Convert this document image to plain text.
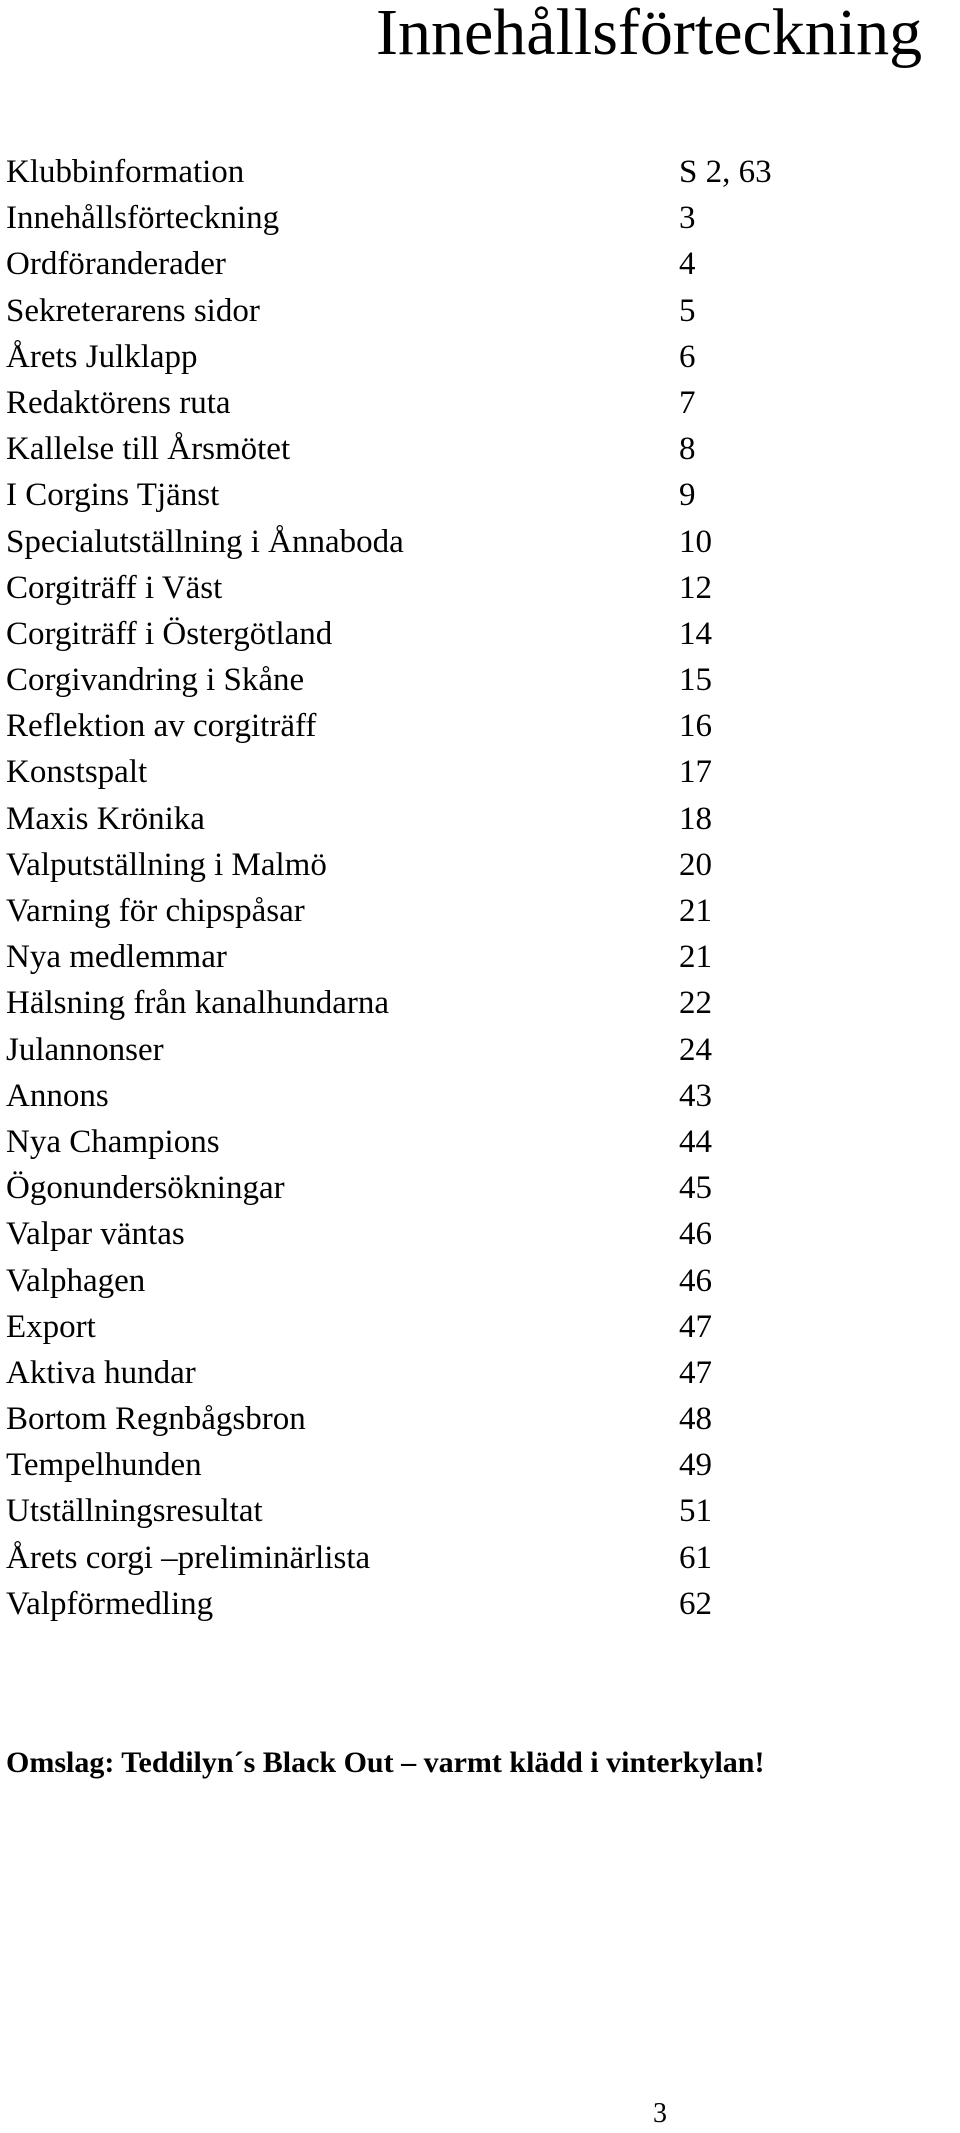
Innehållsförteckning
Klubbinformation	S 2, 63
Innehållsförteckning	3
Ordföranderader	4
Sekreterarens sidor	5
Årets Julklapp	6
Redaktörens ruta	7
Kallelse till Årsmötet	8
I Corgins Tjänst	9
Specialutställning i Ånnaboda	10
Corgiträff i Väst	12
Corgiträff i Östergötland	14
Corgivandring i Skåne	15
Reflektion av corgiträff	16
Konstspalt	17
Maxis Krönika	18
Valputställning i Malmö	20
Varning för chipspåsar	21
Nya medlemmar	21
Hälsning från kanalhundarna	22
Julannonser	24
Annons	43
Nya Champions	44
Ögonundersökningar	45
Valpar väntas	46
Valphagen	46
Export	47
Aktiva hundar	47
Bortom Regnbågsbron	48
Tempelhunden	49
Utställningsresultat	51
Årets corgi –preliminärlista	61
Valpförmedling	62

Omslag: Teddilyn´s Black Out – varmt klädd i vinterkylan!

3
